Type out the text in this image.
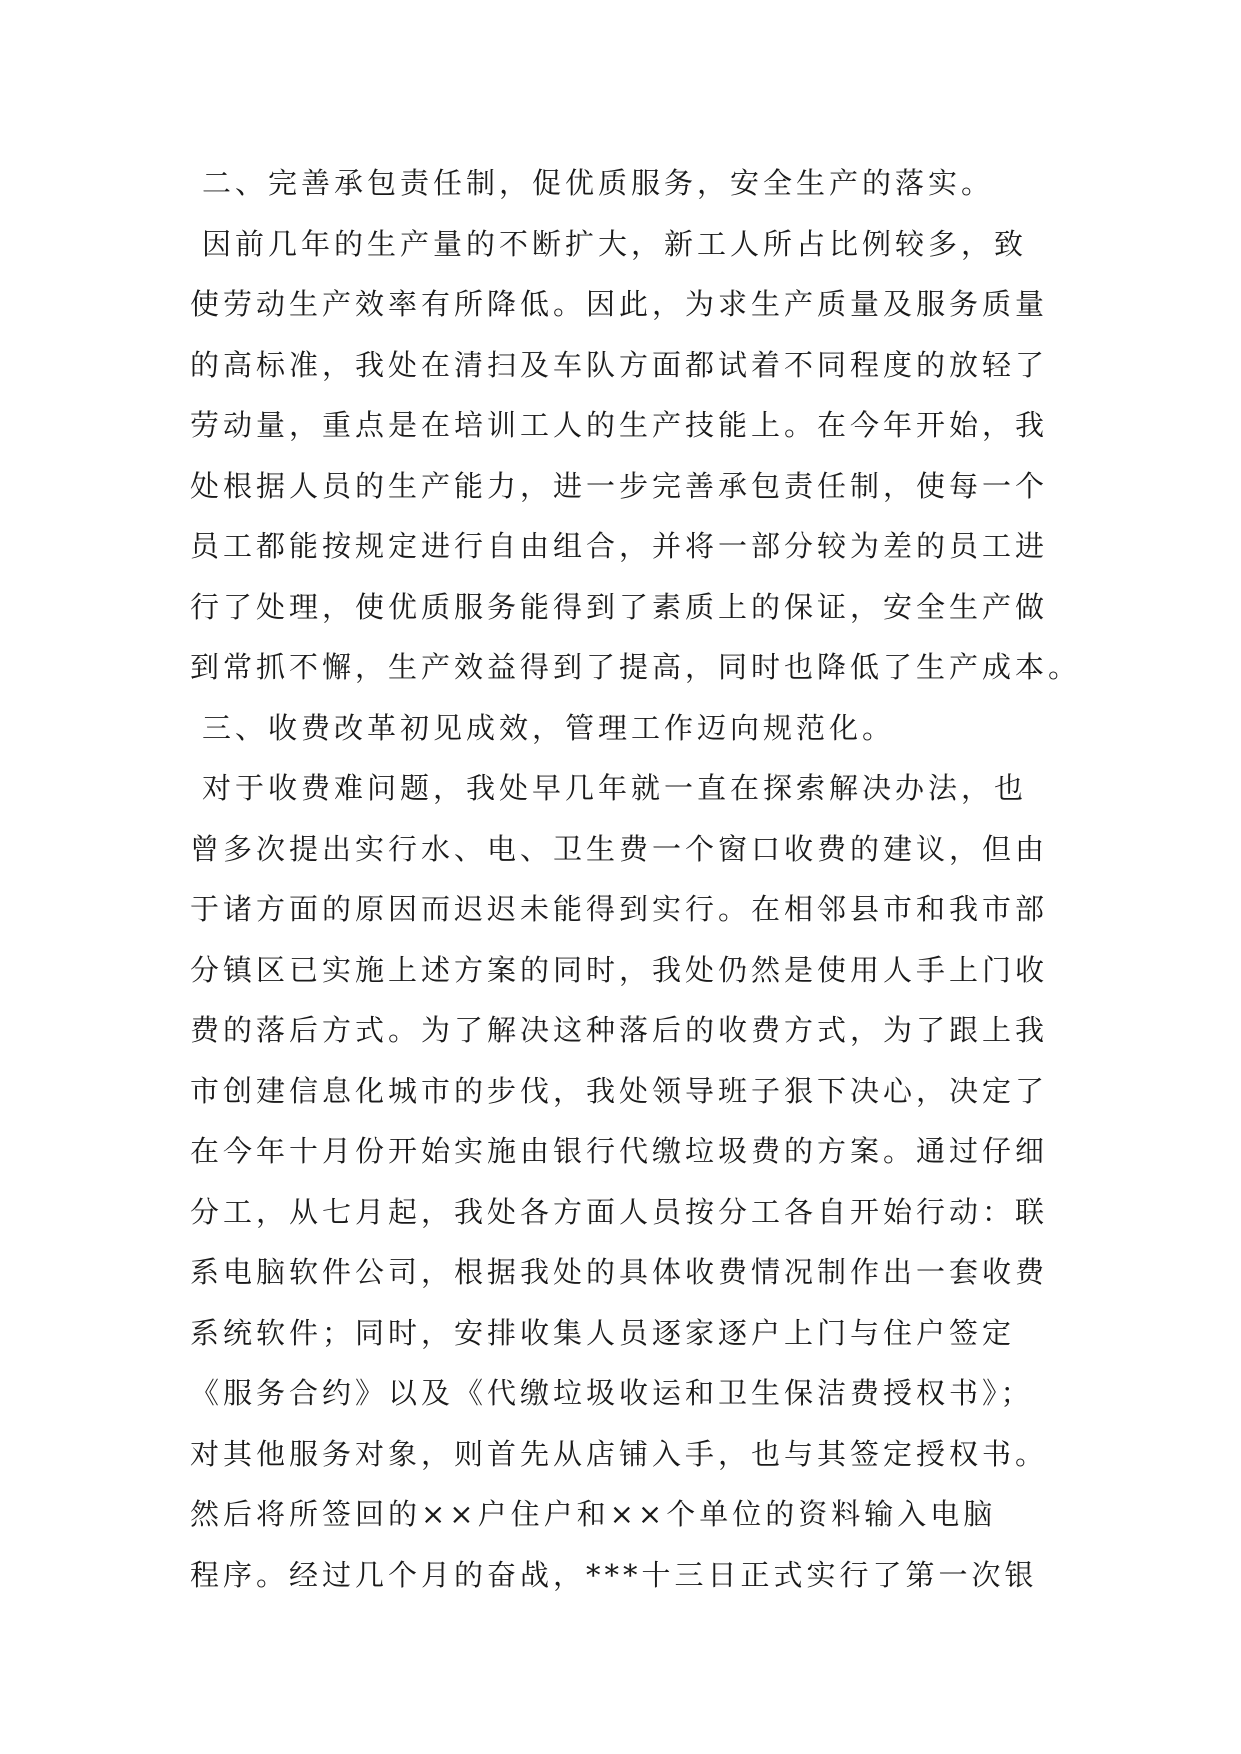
二、完善承包责任制，促优质服务，安全生产的落实。
因前几年的生产量的不断扩大，新工人所占比例较多，致
使劳动生产效率有所降低。因此，为求生产质量及服务质量
的高标准，我处在清扫及车队方面都试着不同程度的放轻了
劳动量，重点是在培训工人的生产技能上。在今年开始，我
处根据人员的生产能力，进一步完善承包责任制，使每一个
员工都能按规定进行自由组合，并将一部分较为差的员工进
行了处理，使优质服务能得到了素质上的保证，安全生产做
到常抓不懈，生产效益得到了提高，同时也降低了生产成本。
三、收费改革初见成效，管理工作迈向规范化。
对于收费难问题，我处早几年就一直在探索解决办法，也
曾多次提出实行水、电、卫生费一个窗口收费的建议，但由
于诸方面的原因而迟迟未能得到实行。在相邻县市和我市部
分镇区已实施上述方案的同时，我处仍然是使用人手上门收
费的落后方式。为了解决这种落后的收费方式，为了跟上我
市创建信息化城市的步伐，我处领导班子狠下决心，决定了
在今年十月份开始实施由银行代缴垃圾费的方案。通过仔细
分工，从七月起，我处各方面人员按分工各自开始行动：联
系电脑软件公司，根据我处的具体收费情况制作出一套收费
系统软件；同时，安排收集人员逐家逐户上门与住户签定
《服务合约》以及《代缴垃圾收运和卫生保洁费授权书》；
对其他服务对象，则首先从店铺入手，也与其签定授权书。
然后将所签回的××户住户和××个单位的资料输入电脑
程序。经过几个月的奋战，***十三日正式实行了第一次银
